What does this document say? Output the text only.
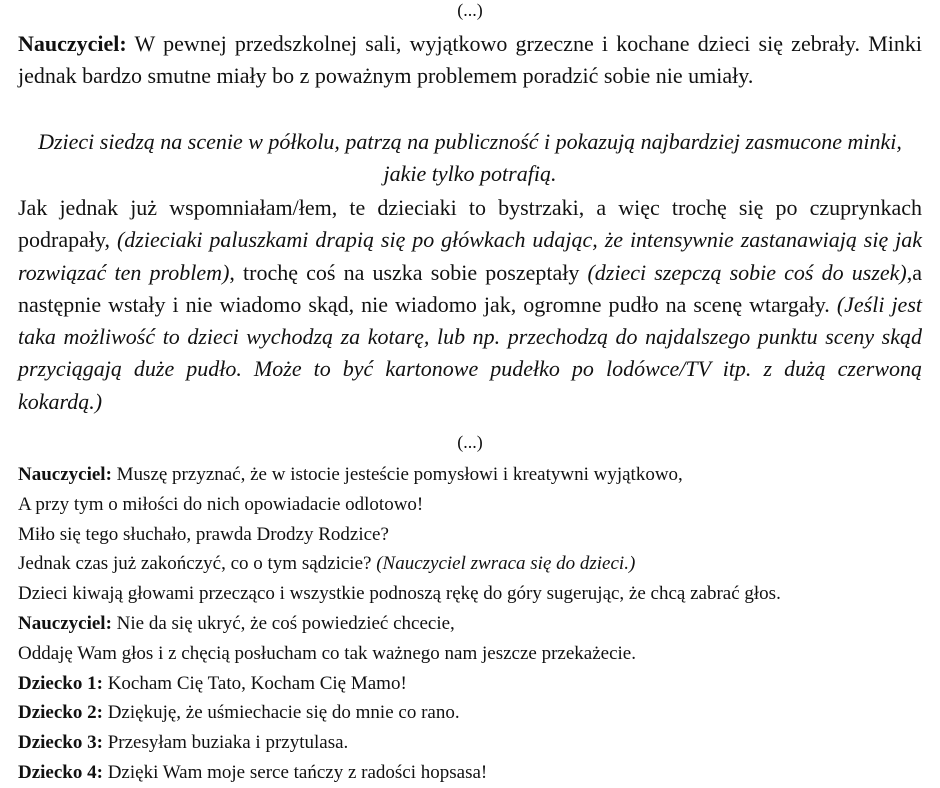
(...)
Nauczyciel: W pewnej przedszkolnej sali, wyjątkowo grzeczne i kochane dzieci się zebrały. Minki jednak bardzo smutne miały bo z poważnym problemem poradzić sobie nie umiały.
Dzieci siedzą na scenie w półkolu, patrzą na publiczność i pokazują najbardziej zasmucone minki, jakie tylko potrafią.
Jak jednak już wspomniałam/łem, te dzieciaki to bystrzaki, a więc trochę się po czuprynkach podrapały, (dzieciaki paluszkami drapią się po główkach udając, że intensywnie zastanawiają się jak rozwiązać ten problem), trochę coś na uszka sobie poszeptały (dzieci szepczą sobie coś do uszek),a następnie wstały i nie wiadomo skąd, nie wiadomo jak, ogromne pudło na scenę wtargały. (Jeśli jest taka możliwość to dzieci wychodzą za kotarę, lub np. przechodzą do najdalszego punktu sceny skąd przyciągają duże pudło. Może to być kartonowe pudełko po lodówce/TV itp. z dużą czerwoną kokardą.)
(...)
Nauczyciel: Muszę przyznać, że w istocie jesteście pomysłowi i kreatywni wyjątkowo,
A przy tym o miłości do nich opowiadacie odlotowo!
Miło się tego słuchało, prawda Drodzy Rodzice?
Jednak czas już zakończyć, co o tym sądzicie? (Nauczyciel zwraca się do dzieci.)
Dzieci kiwają głowami przecząco i wszystkie podnoszą rękę do góry sugerując, że chcą zabrać głos.
Nauczyciel: Nie da się ukryć, że coś powiedzieć chcecie,
Oddaję Wam głos i z chęcią posłucham co tak ważnego nam jeszcze przekażecie.
Dziecko 1: Kocham Cię Tato, Kocham Cię Mamo!
Dziecko 2: Dziękuję, że uśmiechacie się do mnie co rano.
Dziecko 3: Przesyłam buziaka i przytulasa.
Dziecko 4: Dzięki Wam moje serce tańczy z radości hopsasa!
